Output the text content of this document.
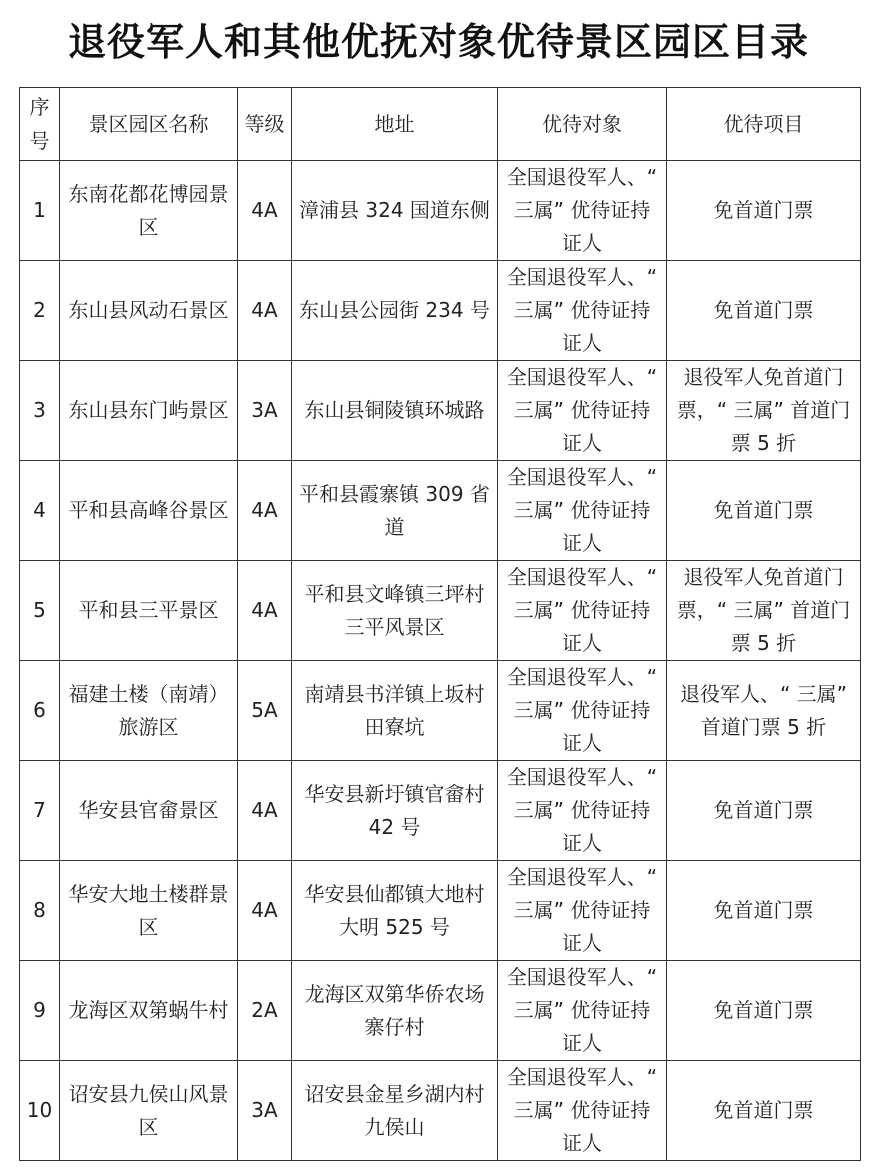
退役军人和其他优抚对象优待景区园区目录
序号	景区园区名称	等级	地址	优待对象	优待项目
1	东南花都花博园景区	4A	漳浦县 324 国道东侧	全国退役军人、“ 三属” 优待证持证人	免首道门票
2	东山县风动石景区	4A	东山县公园街 234 号	全国退役军人、“ 三属” 优待证持证人	免首道门票
3	东山县东门屿景区	3A	东山县铜陵镇环城路	全国退役军人、“ 三属” 优待证持证人	退役军人免首道门票，“ 三属” 首道门票 5 折
4	平和县高峰谷景区	4A	平和县霞寨镇 309 省道	全国退役军人、“ 三属” 优待证持证人	免首道门票
5	平和县三平景区	4A	平和县文峰镇三坪村三平风景区	全国退役军人、“ 三属” 优待证持证人	退役军人免首道门票，“ 三属” 首道门票 5 折
6	福建土楼（南靖）旅游区	5A	南靖县书洋镇上坂村田寮坑	全国退役军人、“ 三属” 优待证持证人	退役军人、“ 三属” 首道门票 5 折
7	华安县官畲景区	4A	华安县新圩镇官畲村 42 号	全国退役军人、“ 三属” 优待证持证人	免首道门票
8	华安大地土楼群景区	4A	华安县仙都镇大地村大明 525 号	全国退役军人、“ 三属” 优待证持证人	免首道门票
9	龙海区双第蜗牛村	2A	龙海区双第华侨农场寨仔村	全国退役军人、“ 三属” 优待证持证人	免首道门票
10	诏安县九侯山风景区	3A	诏安县金星乡湖内村九侯山	全国退役军人、“ 三属” 优待证持证人	免首道门票
